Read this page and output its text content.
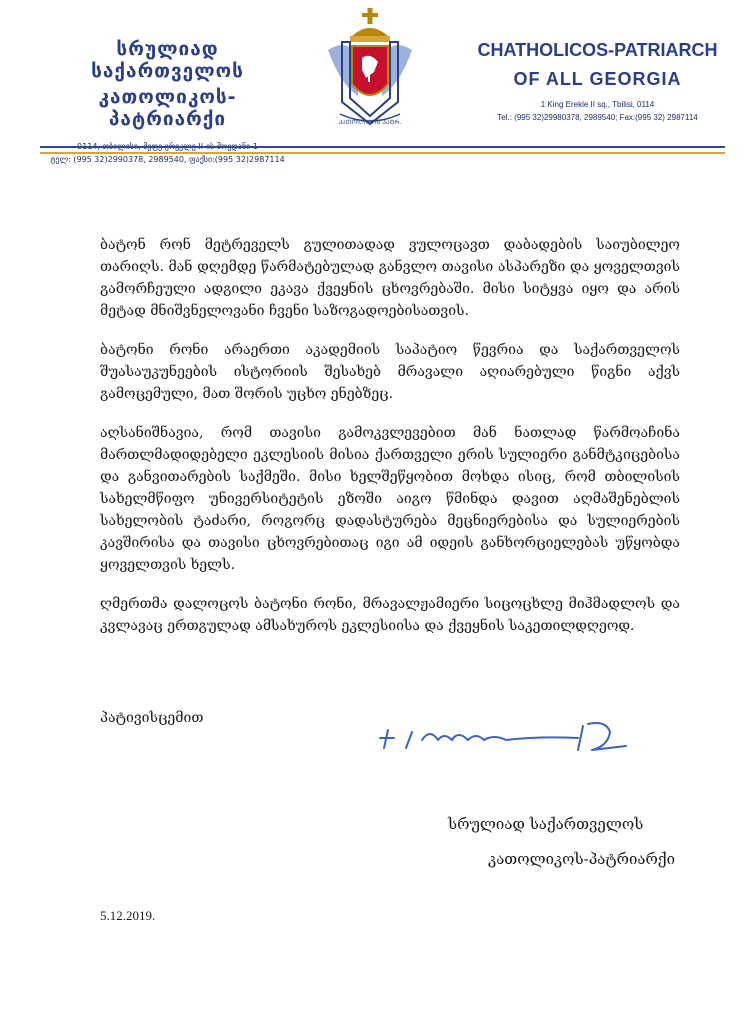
სრულიად საქართველოს
კათოლიკოს-პატრიარქი
ტელ: (995 32)2990378, 2989540, ფაქსი:(995 32)2987114
ᲙᲐᲗᲝᲚᲘᲙᲝᲡ ᲞᲐᲢᲠ.
CHATHOLICOS-PATRIARCH
OF ALL GEORGIA
1 King Erekle II sq., Tbilisi, 0114
Tel.: (995 32)29980378, 2989540; Fax:(995 32) 2987114

ბატონ რონ მეტრეველს გულითადად ვულოცავთ დაბადების საიუბილეო თარიღს. მან დღემდე წარმატებულად განვლო თავისი ასპარეზი და ყოველთვის გამორჩეული ადგილი ეკავა ქვეყნის ცხოვრებაში. მისი სიტყვა იყო და არის მეტად მნიშვნელოვანი ჩვენი საზოგადოებისათვის.

ბატონი რონი არაერთი აკადემიის საპატიო წევრია და საქართველოს შუასაუკუნეების ისტორიის შესახებ მრავალი აღიარებული წიგნი აქვს გამოცემული, მათ შორის უცხო ენებზეც.

აღსანიშნავია, რომ თავისი გამოკვლევებით მან ნათლად წარმოაჩინა მართლმადიდებელი ეკლესიის მისია ქართველი ერის სულიერი განმტკიცებისა და განვითარების საქმეში. მისი ხელშეწყობით მოხდა ისიც, რომ თბილისის სახელმწიფო უნივერსიტეტის ეზოში აიგო წმინდა დავით აღმაშენებლის სახელობის ტაძარი, როგორც დადასტურება მეცნიერებისა და სულიერების კავშირისა და თავისი ცხოვრებითაც იგი ამ იდეის განხორციელებას უწყობდა ყოველთვის ხელს.

ღმერთმა დალოცოს ბატონი რონი, მრავალჟამიერი სიცოცხლე მიჰმადლოს და კვლავაც ერთგულად ამსახუროს ეკლესიისა და ქვეყნის საკეთილდღეოდ.

პატივისცემით
სრულიად საქართველოს
კათოლიკოს-პატრიარქი
5.12.2019.
